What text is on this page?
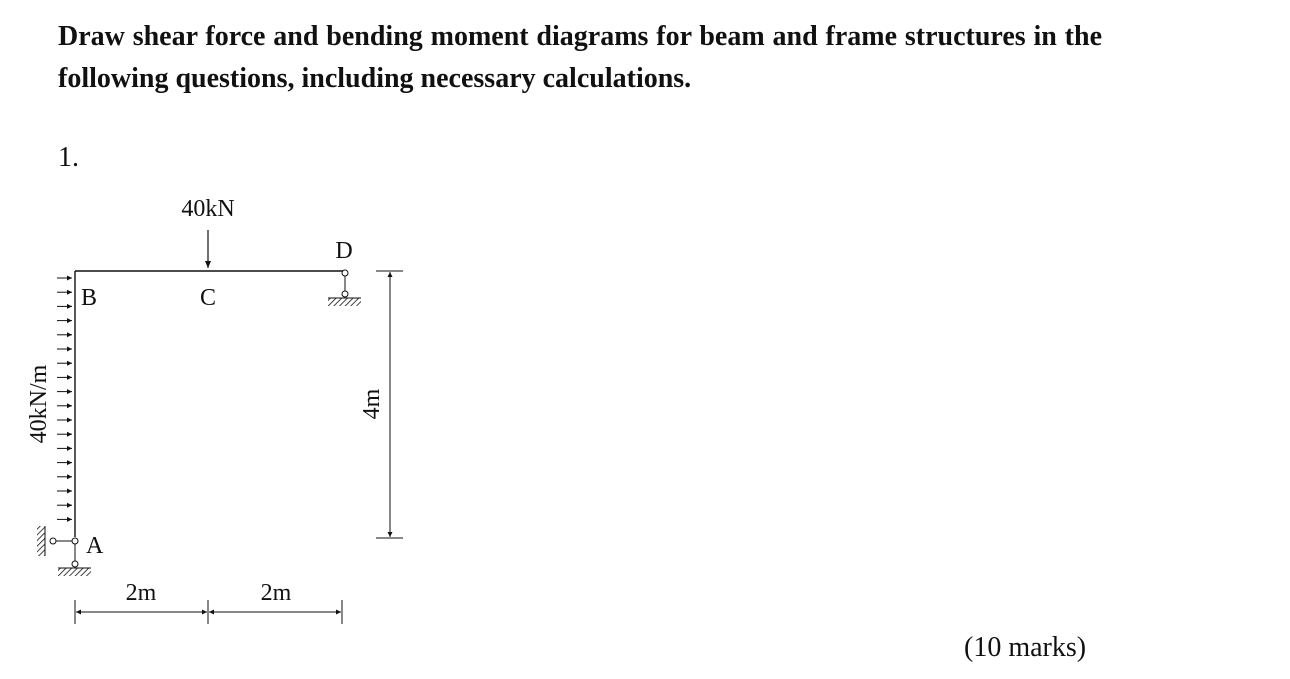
Draw shear force and bending moment diagrams for beam and frame structures in the following questions, including necessary calculations.

1.
40kN
D
B	C
A
2m	2m
4m
40kN/m
(10 marks)
